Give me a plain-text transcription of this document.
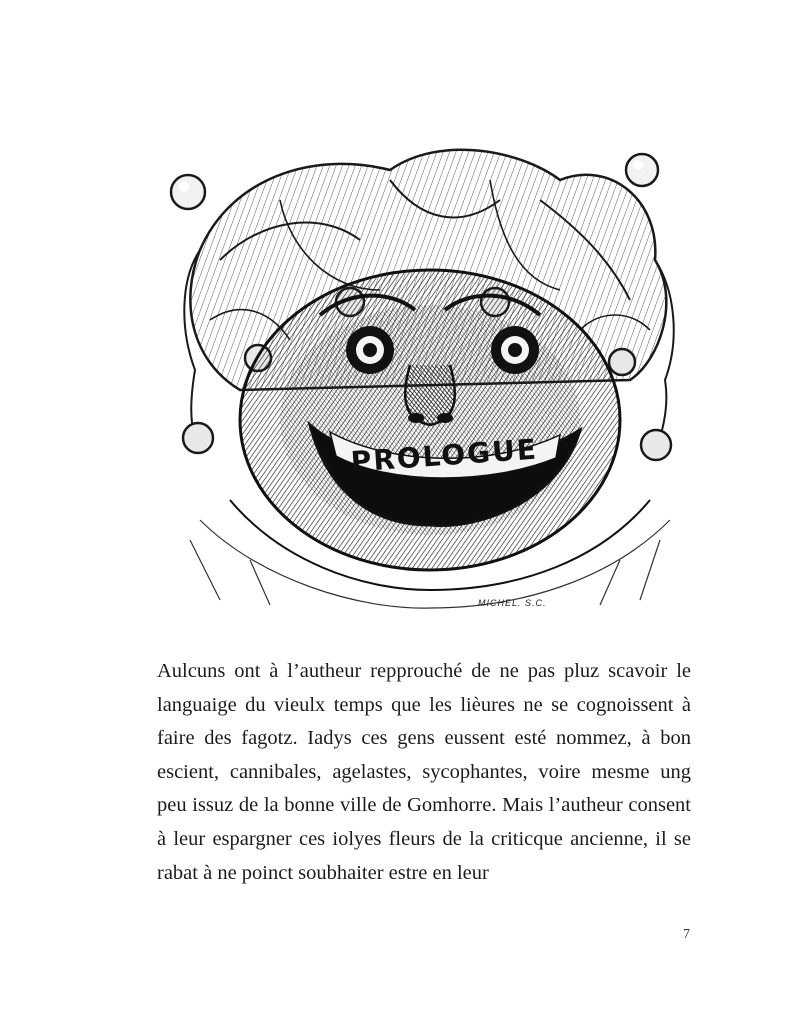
PROLOGUE
MICHEL. S.C.

Aulcuns ont à l’autheur repprouché de ne pas pluz scavoir le languaige du vieulx temps que les lièures ne se cognoissent à faire des fagotz. Iadys ces gens eussent esté nommez, à bon escient, cannibales, agelastes, sycophantes, voire mesme ung peu issuz de la bonne ville de Gomhorre. Mais l’autheur consent à leur espargner ces iolyes fleurs de la criticque ancienne, il se rabat à ne poinct soubhaiter estre en leur

7
